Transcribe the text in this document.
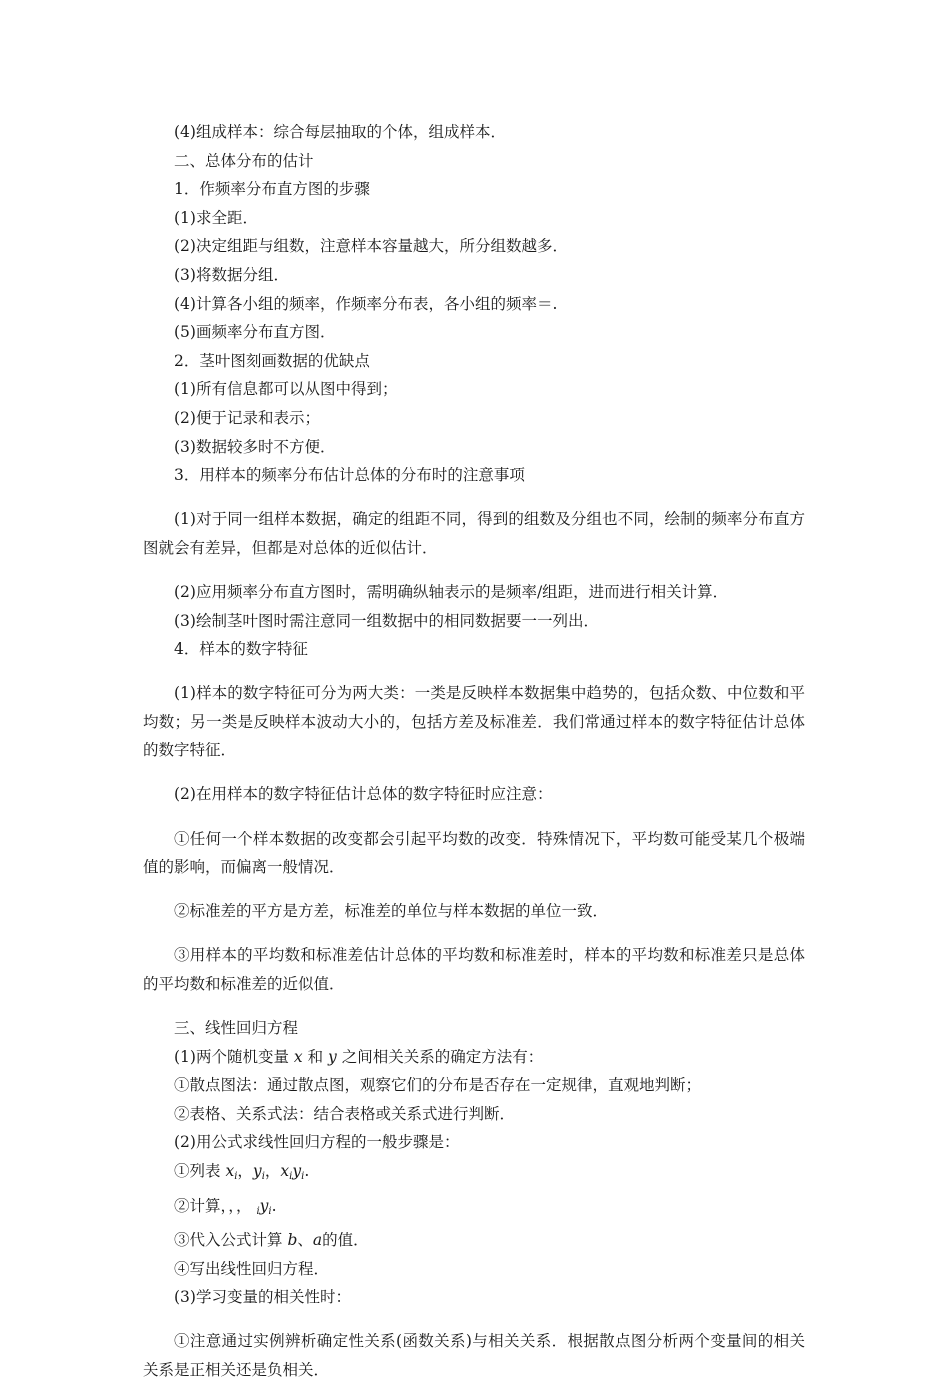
(4)组成样本：综合每层抽取的个体，组成样本．

二、总体分布的估计

1．作频率分布直方图的步骤

(1)求全距．

(2)决定组距与组数，注意样本容量越大，所分组数越多．

(3)将数据分组．

(4)计算各小组的频率，作频率分布表，各小组的频率＝.

(5)画频率分布直方图．

2．茎叶图刻画数据的优缺点

(1)所有信息都可以从图中得到；

(2)便于记录和表示；

(3)数据较多时不方便．

3．用样本的频率分布估计总体的分布时的注意事项

(1)对于同一组样本数据，确定的组距不同，得到的组数及分组也不同，绘制的频率分布直方图就会有差异，但都是对总体的近似估计．

(2)应用频率分布直方图时，需明确纵轴表示的是频率/组距，进而进行相关计算．

(3)绘制茎叶图时需注意同一组数据中的相同数据要一一列出．

4．样本的数字特征

(1)样本的数字特征可分为两大类：一类是反映样本数据集中趋势的，包括众数、中位数和平均数；另一类是反映样本波动大小的，包括方差及标准差．我们常通过样本的数字特征估计总体的数字特征．

(2)在用样本的数字特征估计总体的数字特征时应注意：

①任何一个样本数据的改变都会引起平均数的改变．特殊情况下，平均数可能受某几个极端值的影响，而偏离一般情况．

②标准差的平方是方差，标准差的单位与样本数据的单位一致．

③用样本的平均数和标准差估计总体的平均数和标准差时，样本的平均数和标准差只是总体的平均数和标准差的近似值．

三、线性回归方程

(1)两个随机变量 x 和 y 之间相关关系的确定方法有：

①散点图法：通过散点图，观察它们的分布是否存在一定规律，直观地判断；

②表格、关系式法：结合表格或关系式进行判断．

(2)用公式求线性回归方程的一般步骤是：

①列表 $x_i$，$y_i$，$x_iy_i$.

②计算，，， $_iy_i$.

③代入公式计算 b、a的值．

④写出线性回归方程．

(3)学习变量的相关性时：

①注意通过实例辨析确定性关系(函数关系)与相关关系．根据散点图分析两个变量间的相关关系是正相关还是负相关．
